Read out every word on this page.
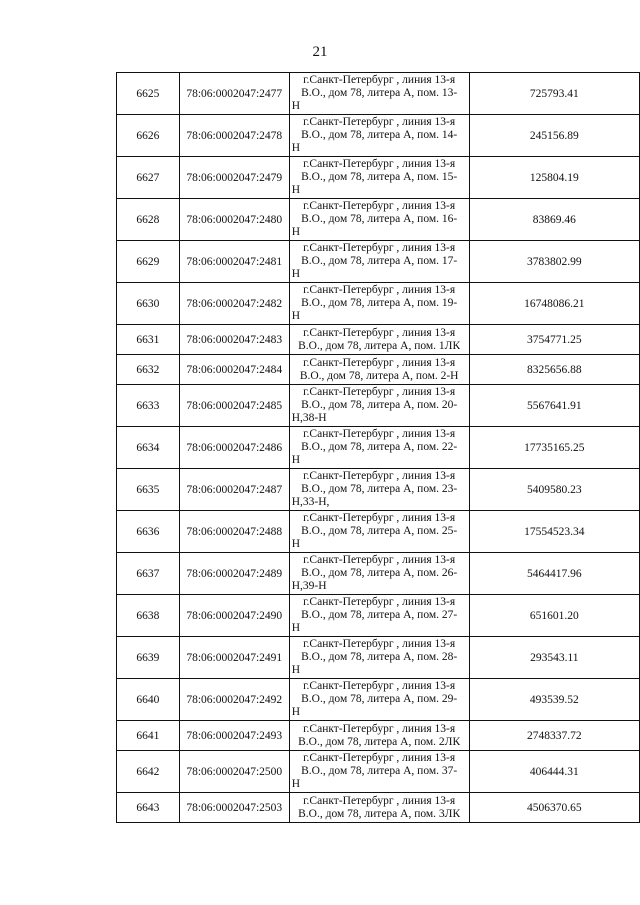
21
6625	78:06:0002047:2477	г.Санкт-Петербург , линия 13-я
В.О., дом 78, литера А, пом. 13-
Н	725793.41
6626	78:06:0002047:2478	г.Санкт-Петербург , линия 13-я
В.О., дом 78, литера А, пом. 14-
Н	245156.89
6627	78:06:0002047:2479	г.Санкт-Петербург , линия 13-я
В.О., дом 78, литера А, пом. 15-
Н	125804.19
6628	78:06:0002047:2480	г.Санкт-Петербург , линия 13-я
В.О., дом 78, литера А, пом. 16-
Н	83869.46
6629	78:06:0002047:2481	г.Санкт-Петербург , линия 13-я
В.О., дом 78, литера А, пом. 17-
Н	3783802.99
6630	78:06:0002047:2482	г.Санкт-Петербург , линия 13-я
В.О., дом 78, литера А, пом. 19-
Н	16748086.21
6631	78:06:0002047:2483	г.Санкт-Петербург , линия 13-я
В.О., дом 78, литера А, пом. 1ЛК	3754771.25
6632	78:06:0002047:2484	г.Санкт-Петербург , линия 13-я
В.О., дом 78, литера А, пом. 2-Н	8325656.88
6633	78:06:0002047:2485	г.Санкт-Петербург , линия 13-я
В.О., дом 78, литера А, пом. 20-
Н,38-Н	5567641.91
6634	78:06:0002047:2486	г.Санкт-Петербург , линия 13-я
В.О., дом 78, литера А, пом. 22-
Н	17735165.25
6635	78:06:0002047:2487	г.Санкт-Петербург , линия 13-я
В.О., дом 78, литера А, пом. 23-
Н,33-Н,	5409580.23
6636	78:06:0002047:2488	г.Санкт-Петербург , линия 13-я
В.О., дом 78, литера А, пом. 25-
Н	17554523.34
6637	78:06:0002047:2489	г.Санкт-Петербург , линия 13-я
В.О., дом 78, литера А, пом. 26-
Н,39-Н	5464417.96
6638	78:06:0002047:2490	г.Санкт-Петербург , линия 13-я
В.О., дом 78, литера А, пом. 27-
Н	651601.20
6639	78:06:0002047:2491	г.Санкт-Петербург , линия 13-я
В.О., дом 78, литера А, пом. 28-
Н	293543.11
6640	78:06:0002047:2492	г.Санкт-Петербург , линия 13-я
В.О., дом 78, литера А, пом. 29-
Н	493539.52
6641	78:06:0002047:2493	г.Санкт-Петербург , линия 13-я
В.О., дом 78, литера А, пом. 2ЛК	2748337.72
6642	78:06:0002047:2500	г.Санкт-Петербург , линия 13-я
В.О., дом 78, литера А, пом. 37-
Н	406444.31
6643	78:06:0002047:2503	г.Санкт-Петербург , линия 13-я
В.О., дом 78, литера А, пом. 3ЛК	4506370.65
